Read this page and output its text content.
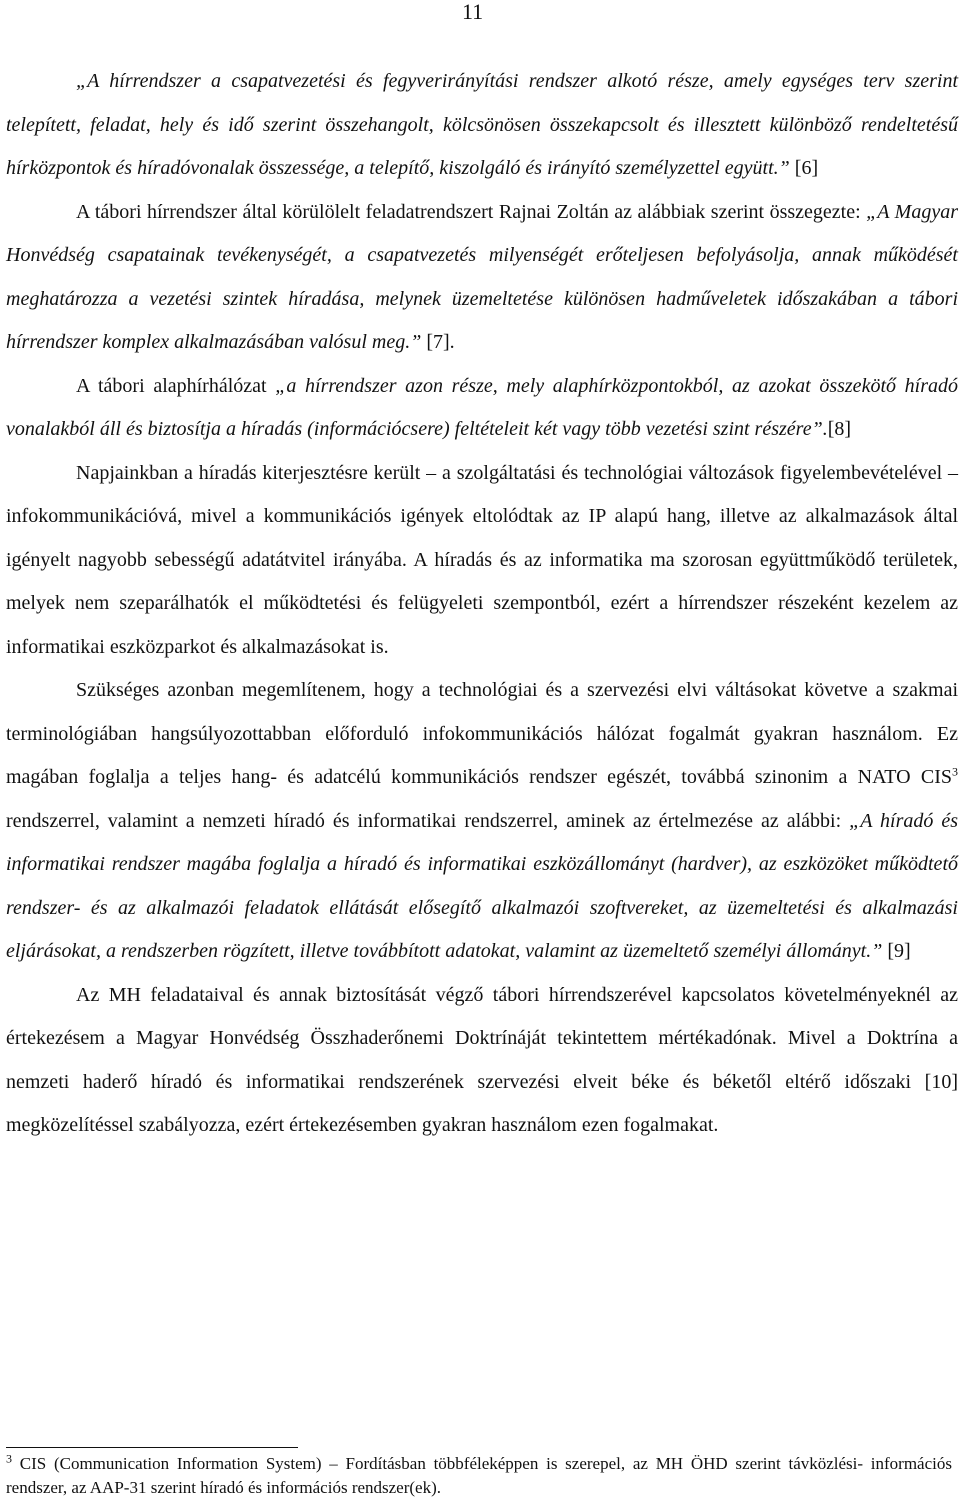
11

„A hírrendszer a csapatvezetési és fegyverirányítási rendszer alkotó része, amely egységes terv szerint telepített, feladat, hely és idő szerint összehangolt, kölcsönösen összekapcsolt és illesztett különböző rendeltetésű hírközpontok és híradóvonalak összessége, a telepítő, kiszolgáló és irányító személyzettel együtt.” [6]

A tábori hírrendszer által körülölelt feladatrendszert Rajnai Zoltán az alábbiak szerint összegezte: „A Magyar Honvédség csapatainak tevékenységét, a csapatvezetés milyenségét erőteljesen befolyásolja, annak működését meghatározza a vezetési szintek híradása, melynek üzemeltetése különösen hadműveletek időszakában a tábori hírrendszer komplex alkalmazásában valósul meg.” [7].

A tábori alaphírhálózat „a hírrendszer azon része, mely alaphírközpontokból, az azokat összekötő híradó vonalakból áll és biztosítja a híradás (információcsere) feltételeit két vagy több vezetési szint részére”.[8]

Napjainkban a híradás kiterjesztésre került – a szolgáltatási és technológiai változások figyelembevételével – infokommunikációvá, mivel a kommunikációs igények eltolódtak az IP alapú hang, illetve az alkalmazások által igényelt nagyobb sebességű adatátvitel irányába. A híradás és az informatika ma szorosan együttműködő területek, melyek nem szeparálhatók el működtetési és felügyeleti szempontból, ezért a hírrendszer részeként kezelem az informatikai eszközparkot és alkalmazásokat is.

Szükséges azonban megemlítenem, hogy a technológiai és a szervezési elvi váltásokat követve a szakmai terminológiában hangsúlyozottabban előforduló infokommunikációs hálózat fogalmát gyakran használom. Ez magában foglalja a teljes hang- és adatcélú kommunikációs rendszer egészét, továbbá szinonim a NATO CIS$^3$ rendszerrel, valamint a nemzeti híradó és informatikai rendszerrel, aminek az értelmezése az alábbi: „A híradó és informatikai rendszer magába foglalja a híradó és informatikai eszközállományt (hardver), az eszközöket működtető rendszer- és az alkalmazói feladatok ellátását elősegítő alkalmazói szoftvereket, az üzemeltetési és alkalmazási eljárásokat, a rendszerben rögzített, illetve továbbított adatokat, valamint az üzemeltető személyi állományt.” [9]

Az MH feladataival és annak biztosítását végző tábori hírrendszerével kapcsolatos követelményeknél az értekezésem a Magyar Honvédség Összhaderőnemi Doktrínáját tekintettem mértékadónak. Mivel a Doktrína a nemzeti haderő híradó és informatikai rendszerének szervezési elveit béke és béketől eltérő időszaki [10] megközelítéssel szabályozza, ezért értekezésemben gyakran használom ezen fogalmakat.

$^3$ CIS (Communication Information System) – Fordításban többféleképpen is szerepel, az MH ÖHD szerint távközlési- információs rendszer, az AAP-31 szerint híradó és információs rendszer(ek).
